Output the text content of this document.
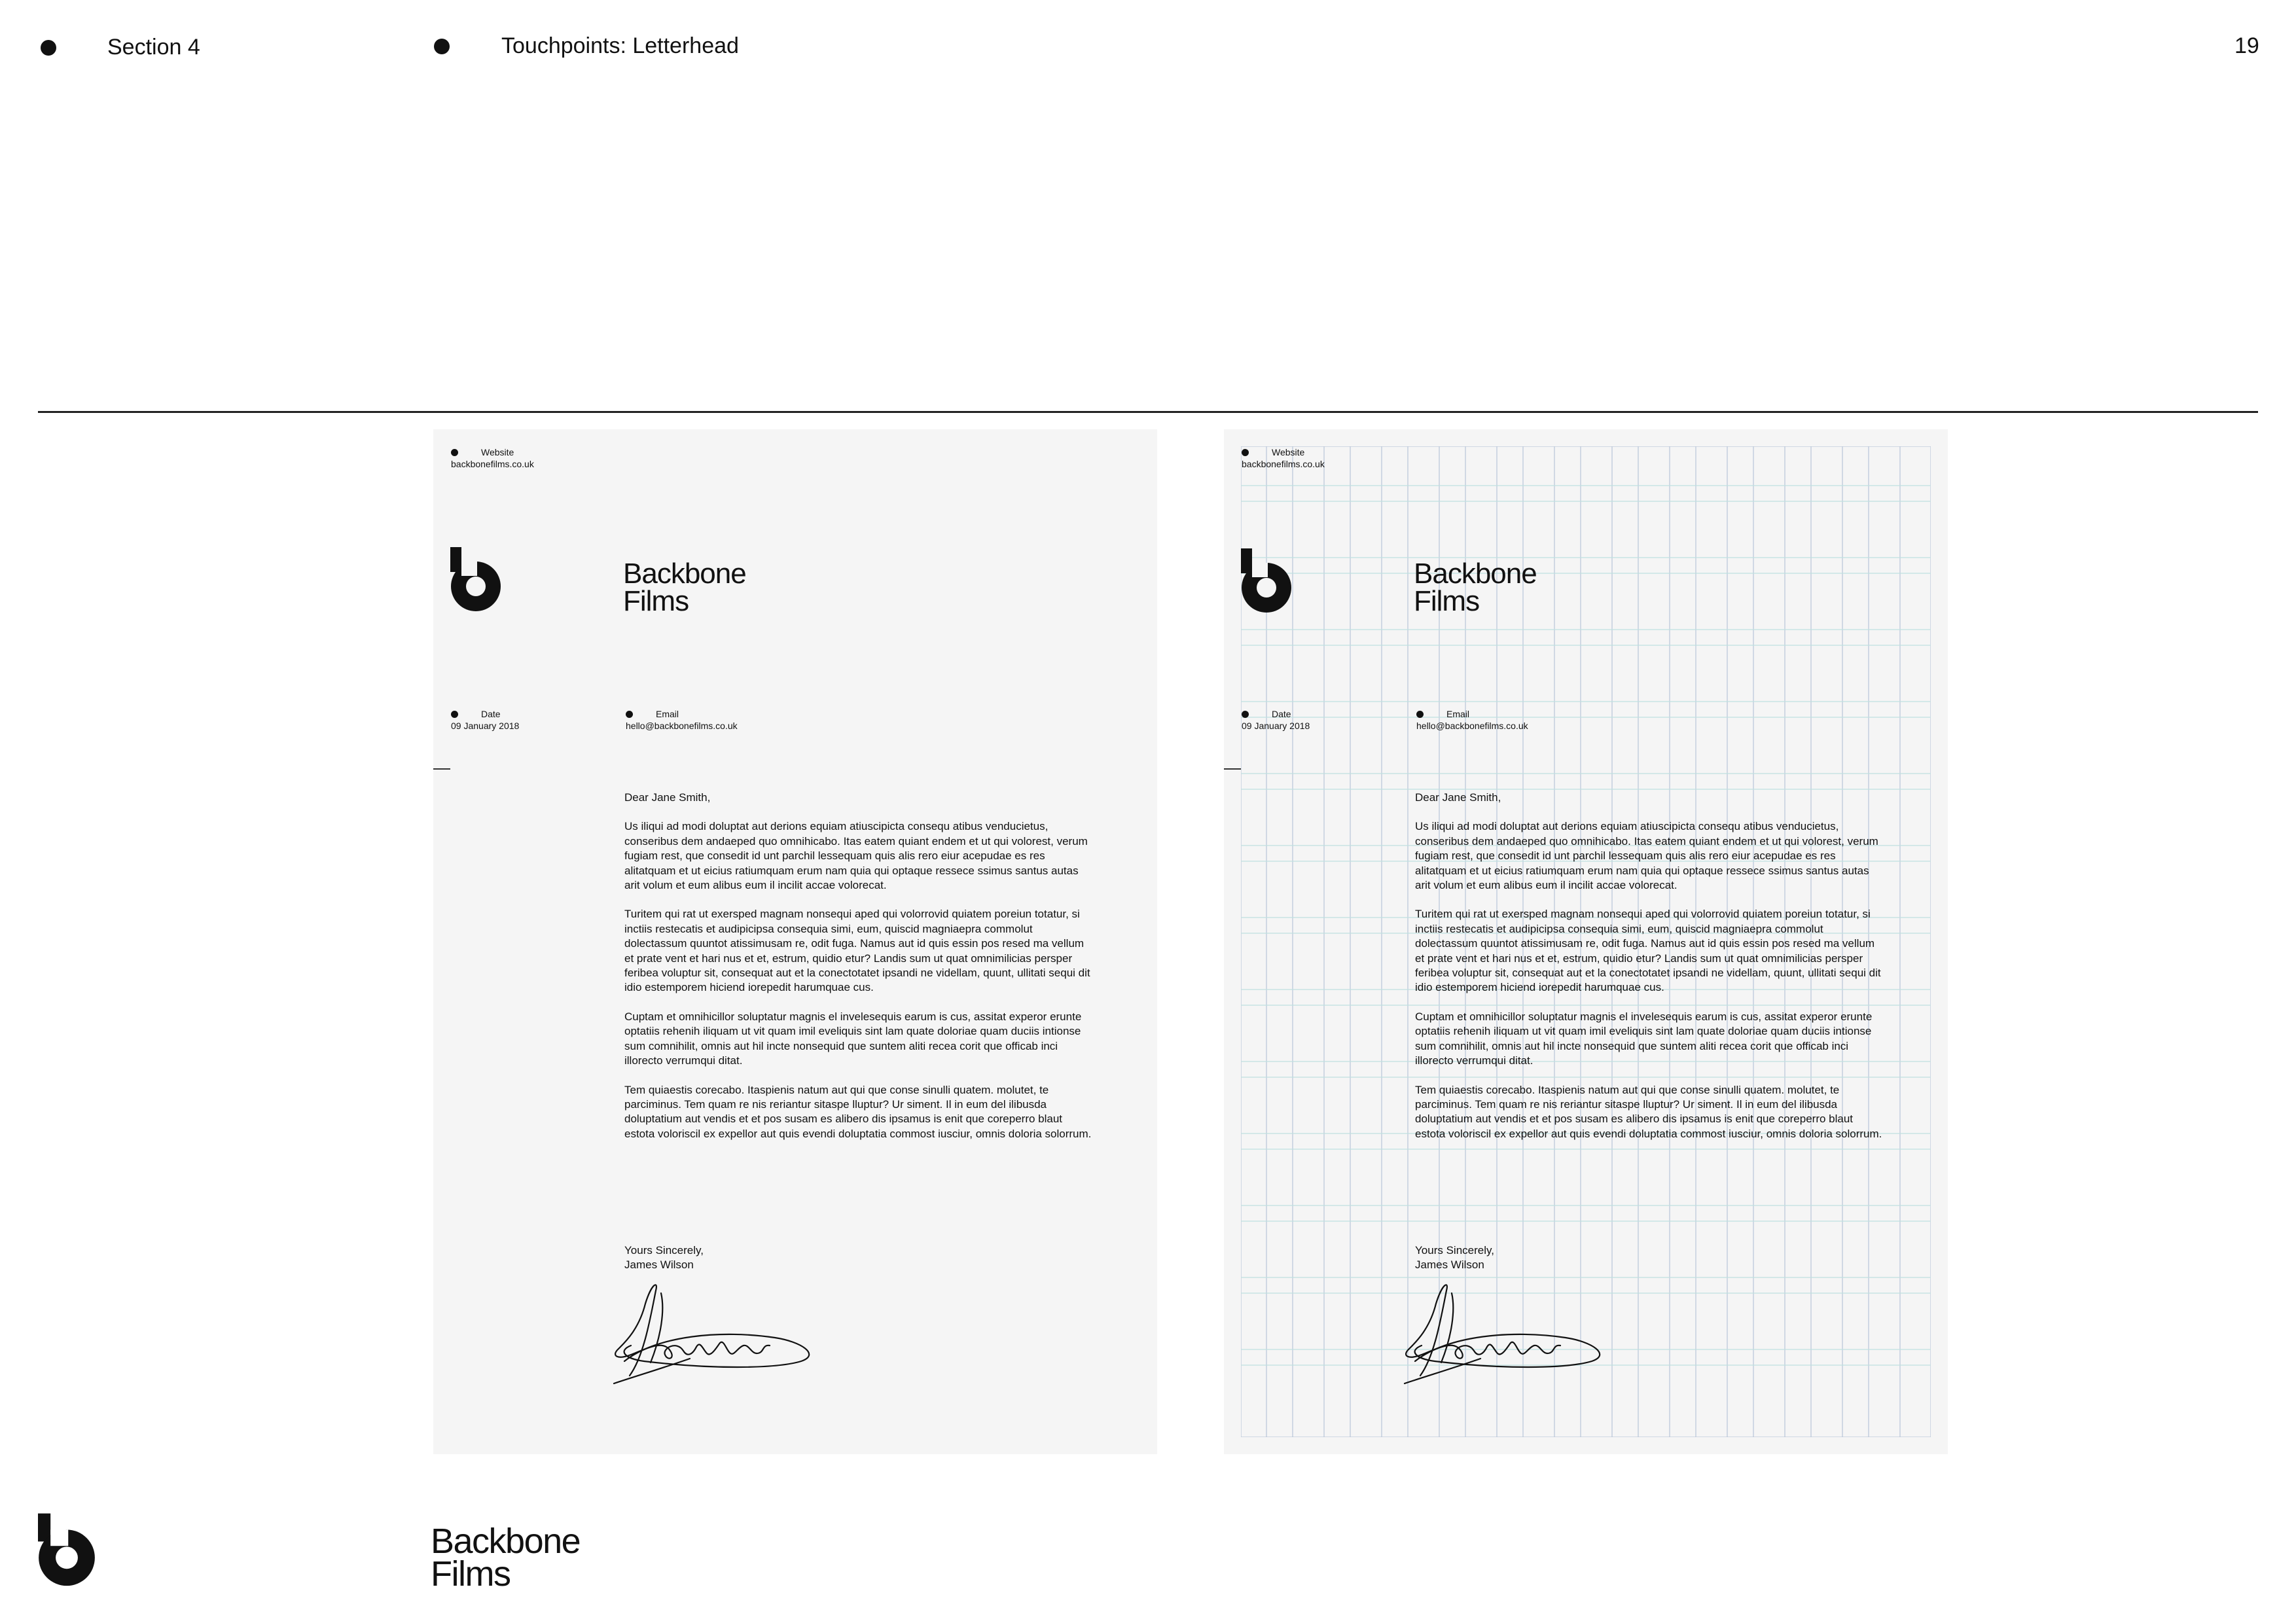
Section 4	Touchpoints: Letterhead	19
Website
backbonefilms.co.uk
Backbone
Films
Date
09 January 2018
Email
hello@backbonefilms.co.uk

Dear Jane Smith,

Us iliqui ad modi doluptat aut derions equiam atiuscipicta consequ atibus venducietus, conseribus dem andaeped quo omnihicabo. Itas eatem quiant endem et ut qui volorest, verum fugiam rest, que consedit id unt parchil lessequam quis alis rero eiur acepudae es res alitatquam et ut eicius ratiumquam erum nam quia qui optaque ressece ssimus santus autas arit volum et eum alibus eum il incilit accae volorecat.

Turitem qui rat ut exersped magnam nonsequi aped qui volorrovid quiatem poreiun totatur, si inctiis restecatis et audipicipsa consequia simi, eum, quiscid magniaepra commolut dolectassum quuntot atissimusam re, odit fuga. Namus aut id quis essin pos resed ma vellum et prate vent et hari nus et et, estrum, quidio etur? Landis sum ut quat omnimilicias persper feribea voluptur sit, consequat aut et la conectotatet ipsandi ne videllam, quunt, ullitati sequi dit idio estemporem hiciend iorepedit harumquae cus.

Cuptam et omnihicillor soluptatur magnis el invelesequis earum is cus, assitat experor erunte optatiis rehenih iliquam ut vit quam imil eveliquis sint lam quate doloriae quam duciis intionse sum comnihilit, omnis aut hil incte nonsequid que suntem aliti recea corit que officab inci illorecto verrumqui ditat.

Tem quiaestis corecabo. Itaspienis natum aut qui que conse sinulli quatem. molutet, te parciminus. Tem quam re nis reriantur sitaspe lluptur? Ur siment. Il in eum del ilibusda doluptatium aut vendis et et pos susam es alibero dis ipsamus is enit que coreperro blaut estota voloriscil ex expellor aut quis evendi doluptatia commost iusciur, omnis doloria solorrum.

Yours Sincerely,
James Wilson
Website
backbonefilms.co.uk
Backbone
Films
Date
09 January 2018
Email
hello@backbonefilms.co.uk

Dear Jane Smith,

Us iliqui ad modi doluptat aut derions equiam atiuscipicta consequ atibus venducietus, conseribus dem andaeped quo omnihicabo. Itas eatem quiant endem et ut qui volorest, verum fugiam rest, que consedit id unt parchil lessequam quis alis rero eiur acepudae es res alitatquam et ut eicius ratiumquam erum nam quia qui optaque ressece ssimus santus autas arit volum et eum alibus eum il incilit accae volorecat.

Turitem qui rat ut exersped magnam nonsequi aped qui volorrovid quiatem poreiun totatur, si inctiis restecatis et audipicipsa consequia simi, eum, quiscid magniaepra commolut dolectassum quuntot atissimusam re, odit fuga. Namus aut id quis essin pos resed ma vellum et prate vent et hari nus et et, estrum, quidio etur? Landis sum ut quat omnimilicias persper feribea voluptur sit, consequat aut et la conectotatet ipsandi ne videllam, quunt, ullitati sequi dit idio estemporem hiciend iorepedit harumquae cus.

Cuptam et omnihicillor soluptatur magnis el invelesequis earum is cus, assitat experor erunte optatiis rehenih iliquam ut vit quam imil eveliquis sint lam quate doloriae quam duciis intionse sum comnihilit, omnis aut hil incte nonsequid que suntem aliti recea corit que officab inci illorecto verrumqui ditat.

Tem quiaestis corecabo. Itaspienis natum aut qui que conse sinulli quatem. molutet, te parciminus. Tem quam re nis reriantur sitaspe lluptur? Ur siment. Il in eum del ilibusda doluptatium aut vendis et et pos susam es alibero dis ipsamus is enit que coreperro blaut estota voloriscil ex expellor aut quis evendi doluptatia commost iusciur, omnis doloria solorrum.

Yours Sincerely,
James Wilson
Backbone
Films
